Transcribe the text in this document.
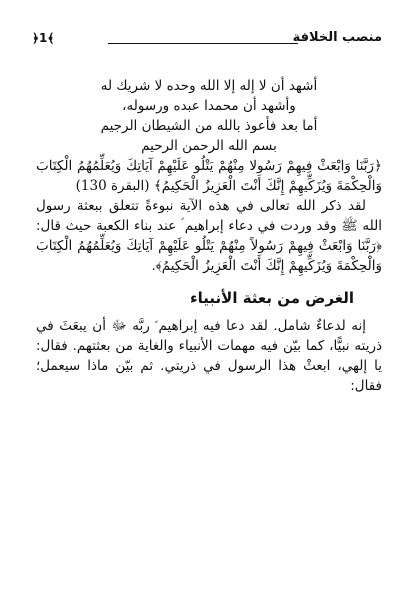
منصب الخلافة
﴿1﴾

أشهد أن لا إله إلا الله وحده لا شريك له

وأشهد أن محمدا عبده ورسوله،

أما بعد فأعوذ بالله من الشيطان الرجيم

بسم الله الرحمن الرحيم

﴿رَبَّنَا وَابْعَثْ فِيهِمْ رَسُولا مِنْهُمْ يَتْلُو عَلَيْهِمْ آيَاتِكَ وَيُعَلِّمُهُمُ الْكِتَابَ وَالْحِكْمَةَ وَيُزَكِّيهِمْ إِنَّكَ أَنْتَ الْعَزِيزُ الْحَكِيمُ﴾ (البقرة 130)

لقد ذكر الله تعالى في هذه الآية نبوءةً تتعلق ببعثة رسول الله ﷺ وقد وردت في دعاء إبراهيم ؑ عند بناء الكعبة حيث قال: ﴿رَبَّنَا وَابْعَثْ فِيهِمْ رَسُولاً مِنْهُمْ يَتْلُو عَلَيْهِمْ آيَاتِكَ وَيُعَلِّمُهُمُ الْكِتَابَ وَالْحِكْمَةَ وَيُزَكِّيهِمْ إِنَّكَ أَنْتَ الْعَزِيزُ الْحَكِيمُ﴾.

الغرض من بعثة الأنبياء

إنه لدعاءٌ شامل. لقد دعا فيه إبراهيم ؑ ربَّه ﷻ أن يبعَثَ في ذريته نبيًّا، كما بيّن فيه مهمات الأنبياء والغاية من بعثتهم. فقال: يا إلهي، ابعثْ هذا الرسول في ذريتي. ثم بيّن ماذا سيعمل؛ فقال:
